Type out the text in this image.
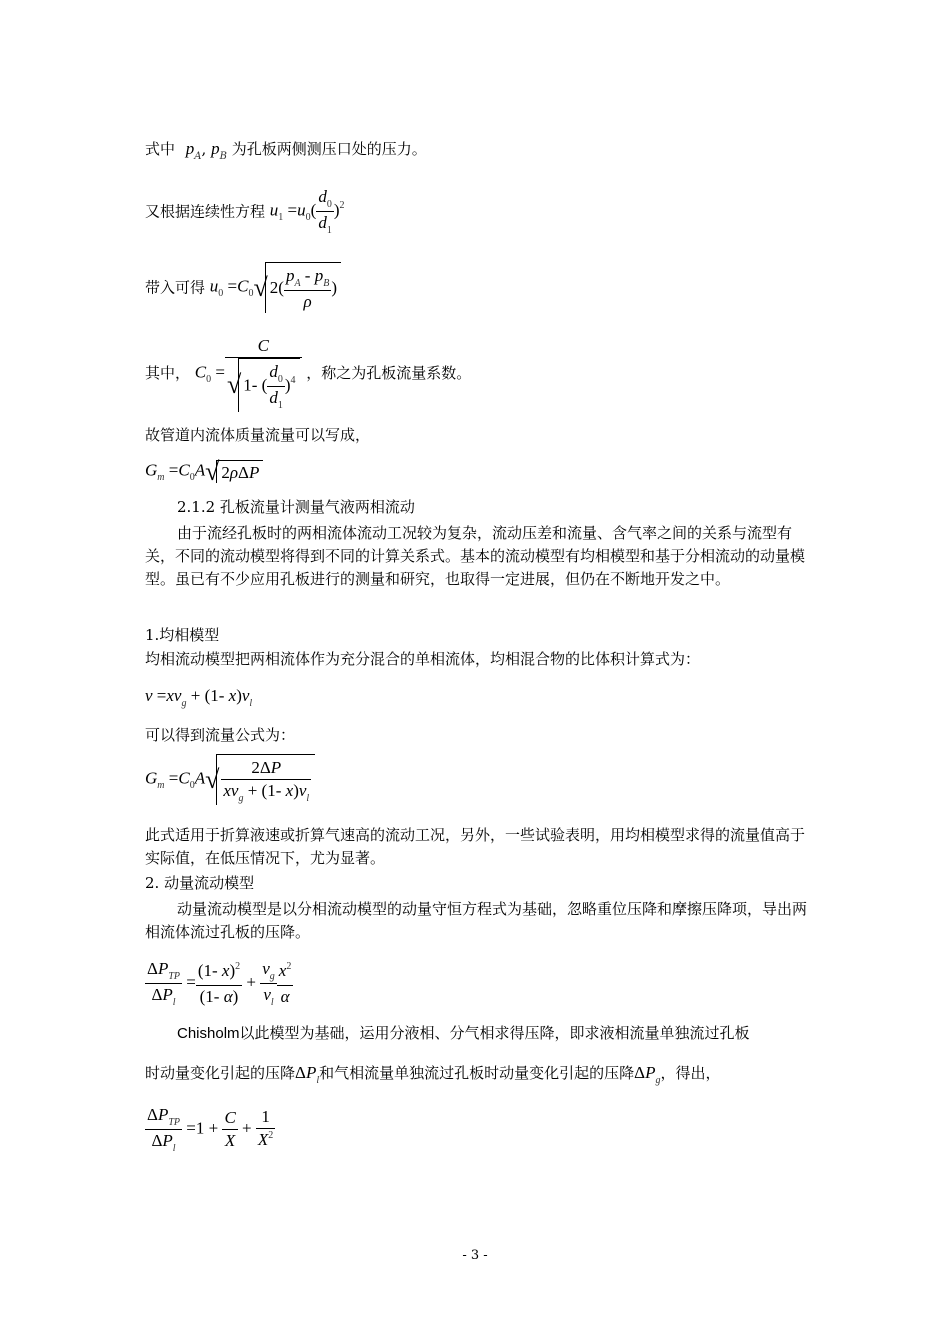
式中 $p_A$, $p_B$ 为孔板两侧测压口处的压力。
又根据连续性方程 $u_1 =u_0( \frac{d_0}{d_1} )^2$
带入可得 $u_0 =C_0√$ $2( \frac{p_A - p_B}{\rho}$ )
其中， $C_0 = \frac{C}{√ 1- ( \frac{d_0}{d_1} )^4}$ ，称之为孔板流量系数。
故管道内流体质量流量可以写成，
$G_m =C_0A√$ 2ρΔP
2.1.2 孔板流量计测量气液两相流动
由于流经孔板时的两相流体流动工况较为复杂，流动压差和流量、含气率之间的关系与流型有关，不同的流动模型将得到不同的计算关系式。基本的流动模型有均相模型和基于分相流动的动量模型。虽已有不少应用孔板进行的测量和研究，也取得一定进展，但仍在不断地开发之中。
1.均相模型
均相流动模型把两相流体作为充分混合的单相流体，均相混合物的比体积计算式为：
$v =xv_g + (1-$ $x)v_l$
可以得到流量公式为：
$G_m =C_0A√ \frac{2\Delta P}{xv_g + (1- x)v_l}$
此式适用于折算液速或折算气速高的流动工况，另外，一些试验表明，用均相模型求得的流量值高于实际值，在低压情况下，尤为显著。
2. 动量流动模型
动量流动模型是以分相流动模型的动量守恒方程式为基础，忽略重位压降和摩擦压降项，导出两相流体流过孔板的压降。
$\frac{\Delta P_{TP}}{\Delta P_l} = \frac{(1- x)^2}{(1- \alpha)} + \frac{v_g}{v_l} \frac{x^2}{\alpha}$
Chisholm以此模型为基础，运用分液相、分气相求得压降，即求液相流量单独流过孔板
时动量变化引起的压降$\Delta P_l$和气相流量单独流过孔板时动量变化引起的压降$\Delta P_g$，得出，
$\frac{\Delta P_{TP}}{\Delta P_l} =1 + \frac{C}{X} + \frac{1}{X^2}$
- 3 -
